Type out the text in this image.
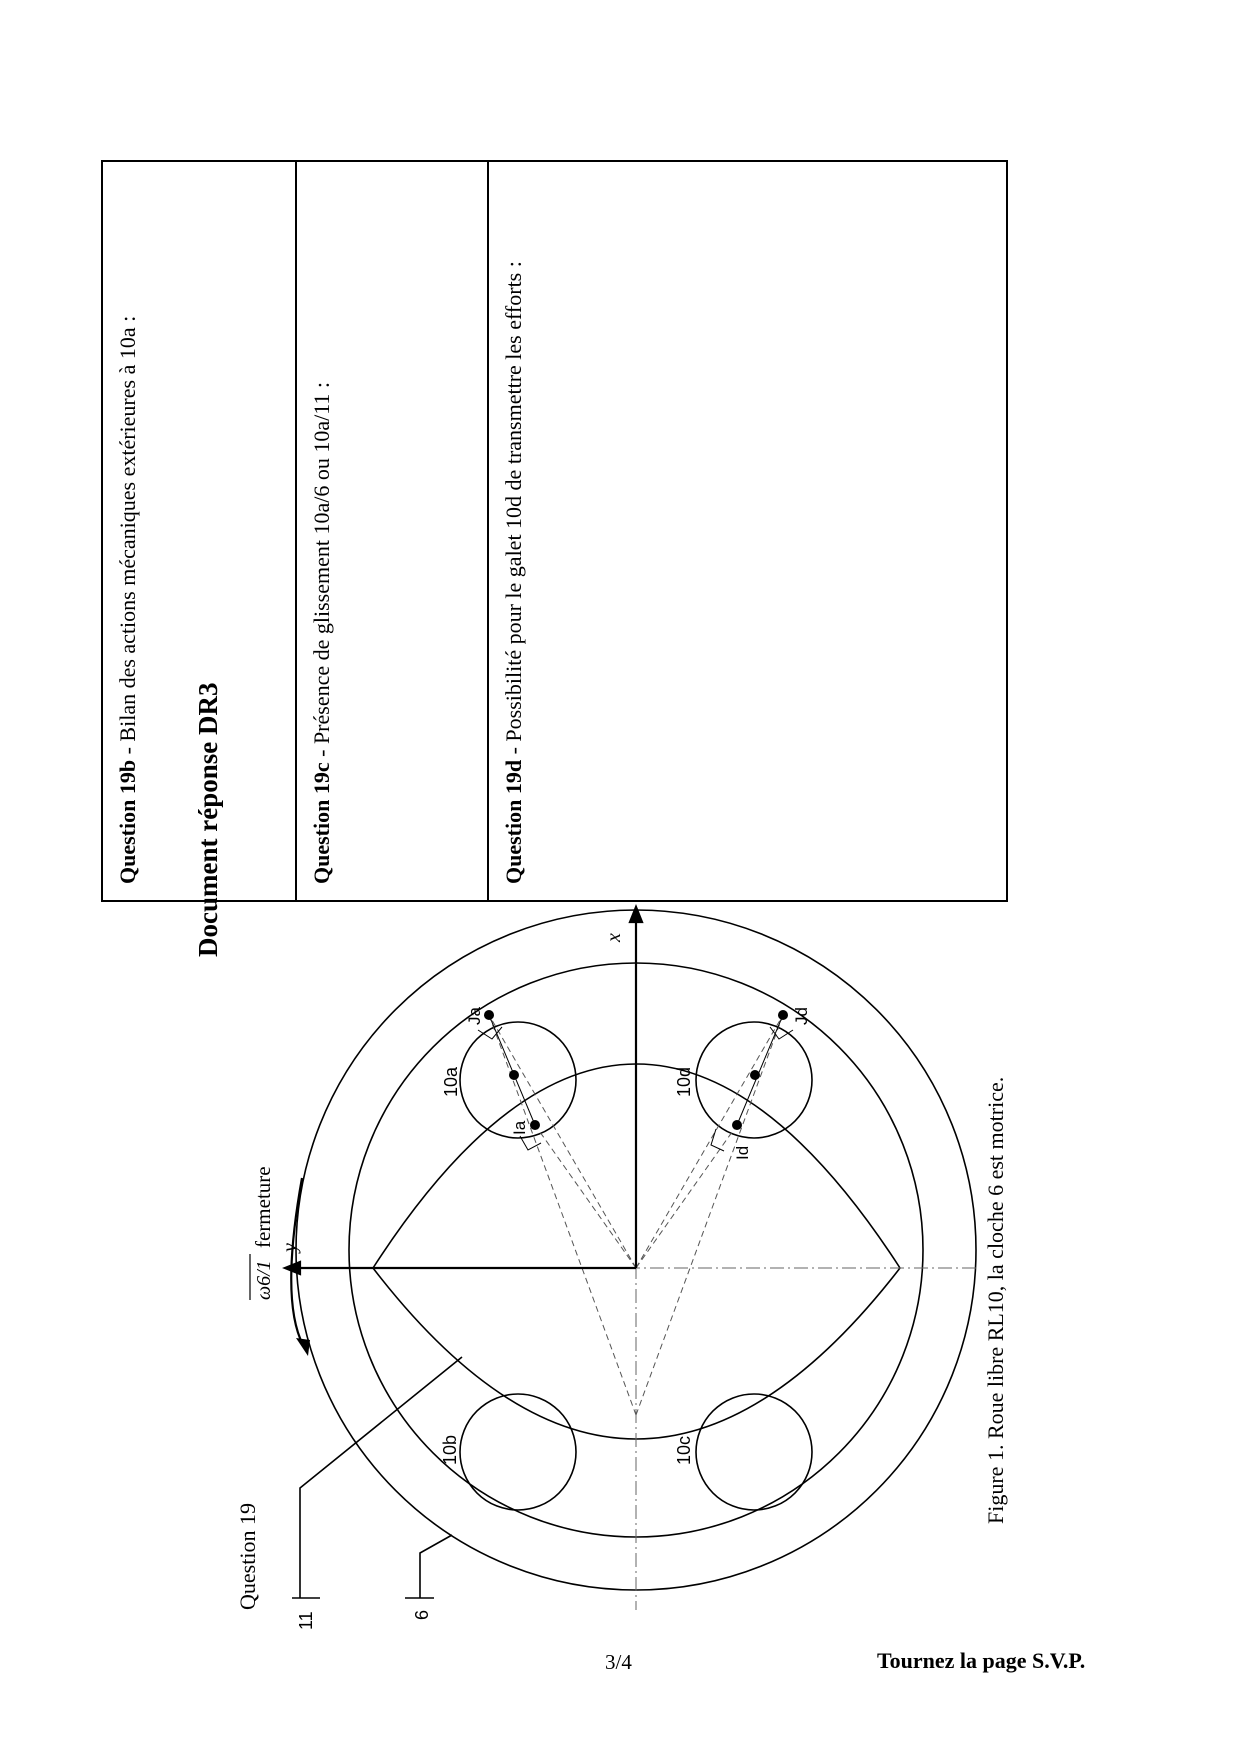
Document réponse DR3
Question 19b - Bilan des actions mécaniques extérieures à 10a :
Question 19c - Présence de glissement 10a/6 ou 10a/11 :
Question 19d - Possibilité pour le galet 10d de transmettre les efforts :
Figure 1. Roue libre RL10, la cloche 6 est motrice.
Question 19
11	6
10a
10b	10c
10d
Ja
Ia
Jd
Id
x
y
ω6/1
fermeture
3/4	Tournez la page S.V.P.
